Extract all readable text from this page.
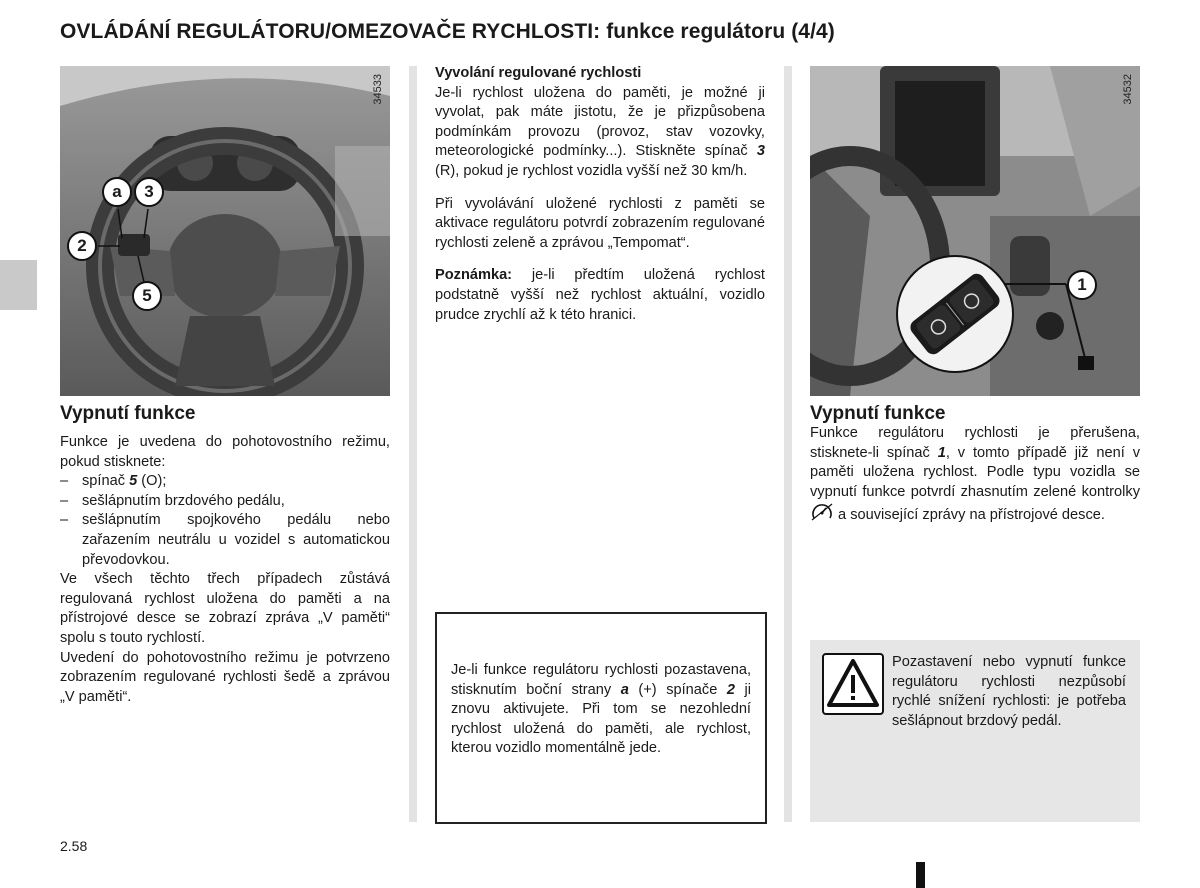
OVLÁDÁNÍ REGULÁTORU/OMEZOVAČE RYCHLOSTI: funkce regulátoru (4/4)
34533
a	3
2
5
Vypnutí funkce

Funkce je uvedena do pohotovostního režimu, pokud stisknete:

– spínač 5 (O);
– sešlápnutím brzdového pedálu,
– sešlápnutím spojkového pedálu nebo zařazením neutrálu u vozidel s automatickou převodovkou.

Ve všech těchto třech případech zůstává regulovaná rychlost uložena do paměti a na přístrojové desce se zobrazí zpráva „V paměti“ spolu s touto rychlostí.

Uvedení do pohotovostního režimu je potvrzeno zobrazením regulované rychlosti šedě a zprávou „V paměti“.

Vyvolání regulované rychlosti

Je-li rychlost uložena do paměti, je možné ji vyvolat, pak máte jistotu, že je přizpůsobena podmínkám provozu (provoz, stav vozovky, meteorologické podmínky...). Stiskněte spínač 3 (R), pokud je rychlost vozidla vyšší než 30 km/h.

Při vyvolávání uložené rychlosti z paměti se aktivace regulátoru potvrdí zobrazením regulované rychlosti zeleně a zprávou „Tempomat“.

Poznámka: je-li předtím uložená rychlost podstatně vyšší než rychlost aktuální, vozidlo prudce zrychlí až k této hranici.

Je-li funkce regulátoru rychlosti pozastavena, stisknutím boční strany a (+) spínače 2 ji znovu aktivujete. Při tom se nezohlední rychlost uložená do paměti, ale rychlost, kterou vozidlo momentálně jede.
34532
1
Vypnutí funkce
Funkce regulátoru rychlosti je přerušena, stisknete-li spínač 1, v tomto případě již není v paměti uložena rychlost. Podle typu vozidla se vypnutí funkce potvrdí zhasnutím zelené kontrolky  a související zprávy na přístrojové desce.
Pozastavení nebo vypnutí funkce regulátoru rychlosti nezpůsobí rychlé snížení rychlosti: je potřeba sešlápnout brzdový pedál.
2.58
